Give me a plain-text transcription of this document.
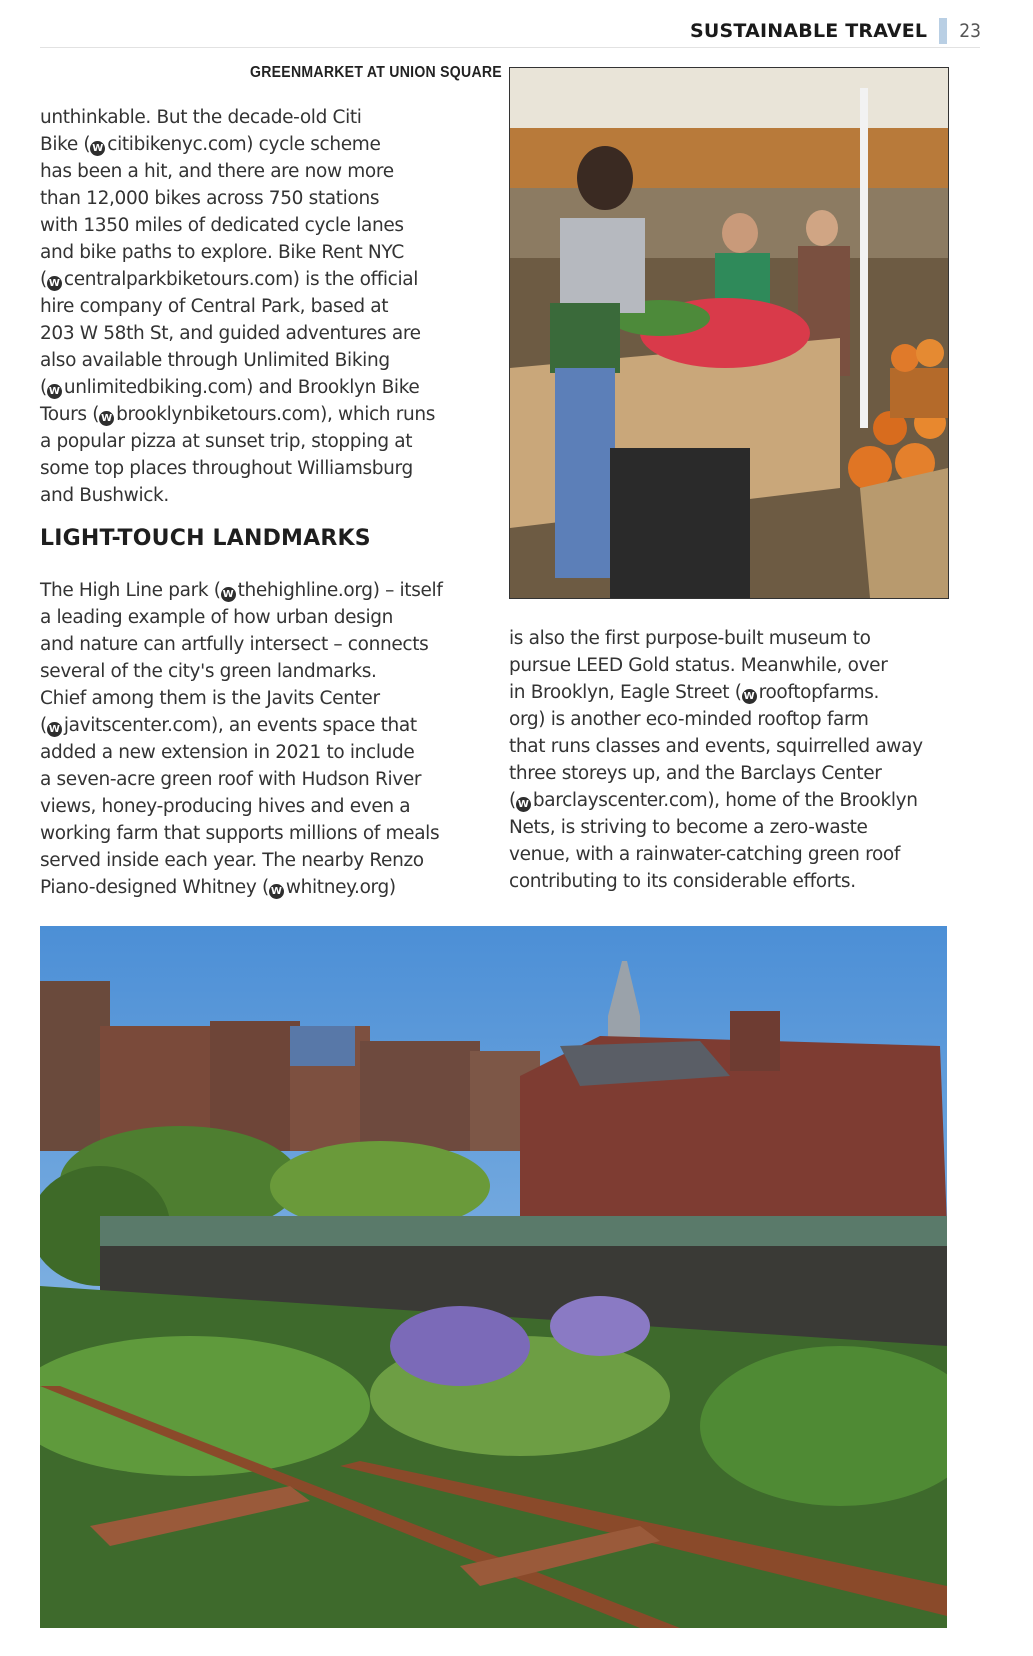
SUSTAINABLE TRAVEL 23
GREENMARKET AT UNION SQUARE
unthinkable. But the decade-old Citi
Bike ( W citibikenyc.com) cycle scheme
has been a hit, and there are now more
than 12,000 bikes across 750 stations
with 1350 miles of dedicated cycle lanes
and bike paths to explore. Bike Rent NYC
( W centralparkbiketours.com) is the official
hire company of Central Park, based at
203 W 58th St, and guided adventures are
also available through Unlimited Biking
( W unlimitedbiking.com) and Brooklyn Bike
Tours ( W brooklynbiketours.com), which runs
a popular pizza at sunset trip, stopping at
some top places throughout Williamsburg
and Bushwick.
LIGHT-TOUCH LANDMARKS
The High Line park ( W thehighline.org) – itself
a leading example of how urban design
and nature can artfully intersect – connects
several of the city's green landmarks.
Chief among them is the Javits Center
( W javitscenter.com), an events space that
added a new extension in 2021 to include
a seven-acre green roof with Hudson River
views, honey-producing hives and even a
working farm that supports millions of meals
served inside each year. The nearby Renzo
Piano-designed Whitney ( W whitney.org)
is also the first purpose-built museum to
pursue LEED Gold status. Meanwhile, over
in Brooklyn, Eagle Street ( W rooftopfarms.
org) is another eco-minded rooftop farm
that runs classes and events, squirrelled away
three storeys up, and the Barclays Center
( W barclayscenter.com), home of the Brooklyn
Nets, is striving to become a zero-waste
venue, with a rainwater-catching green roof
contributing to its considerable efforts.
